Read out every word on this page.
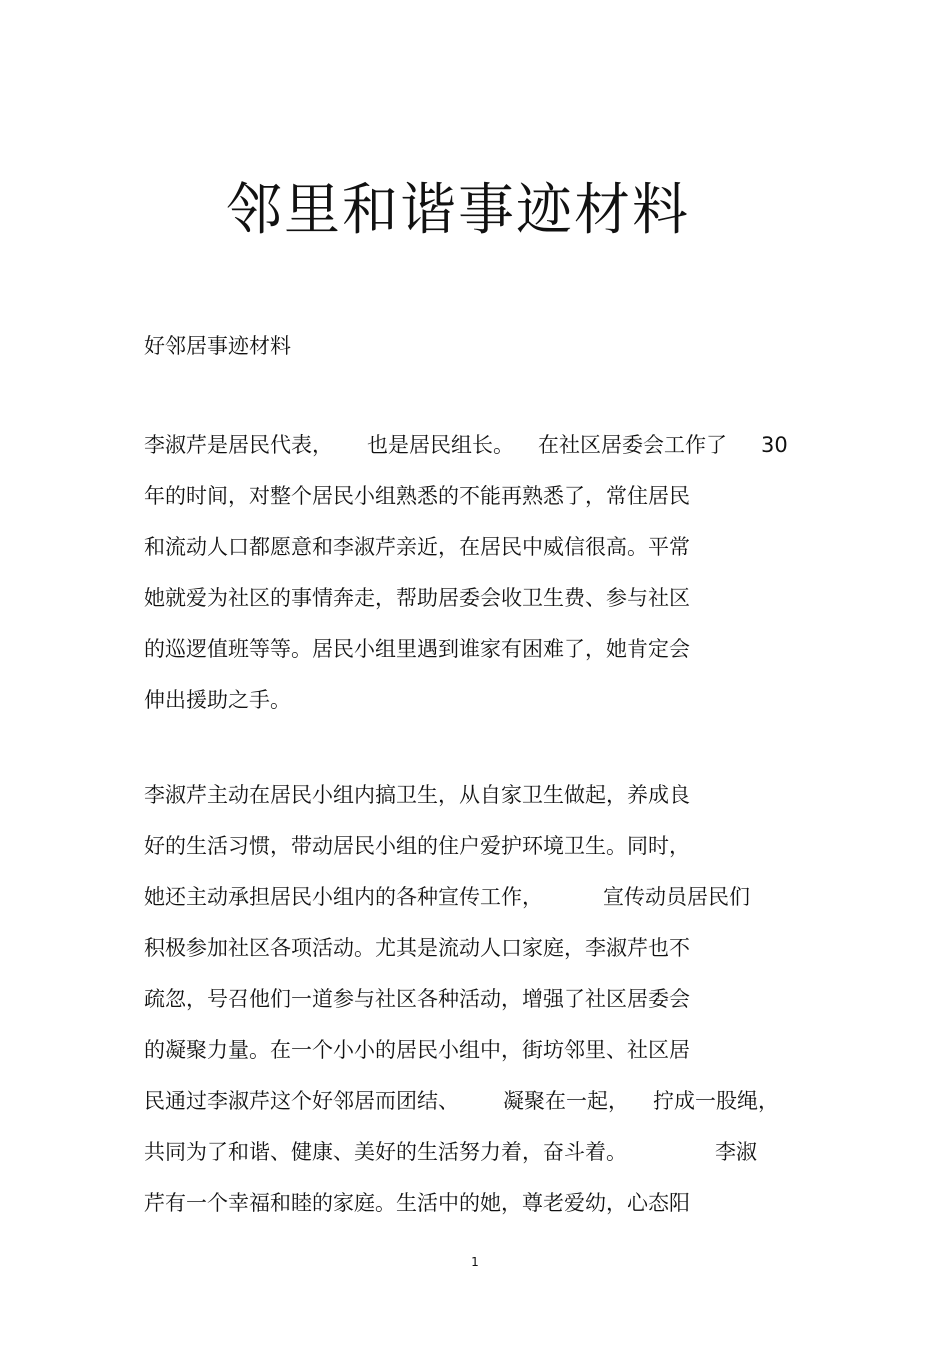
邻里和谐事迹材料

好邻居事迹材料

李淑芹是居民代表， 也是居民组长。 在社区居委会工作了 30
年的时间，对整个居民小组熟悉的不能再熟悉了，常住居民
和流动人口都愿意和李淑芹亲近，在居民中威信很高。平常
她就爱为社区的事情奔走，帮助居委会收卫生费、参与社区
的巡逻值班等等。居民小组里遇到谁家有困难了，她肯定会
伸出援助之手。
李淑芹主动在居民小组内搞卫生，从自家卫生做起，养成良
好的生活习惯，带动居民小组的住户爱护环境卫生。同时，
她还主动承担居民小组内的各种宣传工作，	宣传动员居民们
积极参加社区各项活动。尤其是流动人口家庭，李淑芹也不
疏忽，号召他们一道参与社区各种活动，增强了社区居委会
的凝聚力量。在一个小小的居民小组中，街坊邻里、社区居
民通过李淑芹这个好邻居而团结、 凝聚在一起， 拧成一股绳，
共同为了和谐、健康、美好的生活努力着，奋斗着。	李淑
芹有一个幸福和睦的家庭。生活中的她，尊老爱幼，心态阳

1
